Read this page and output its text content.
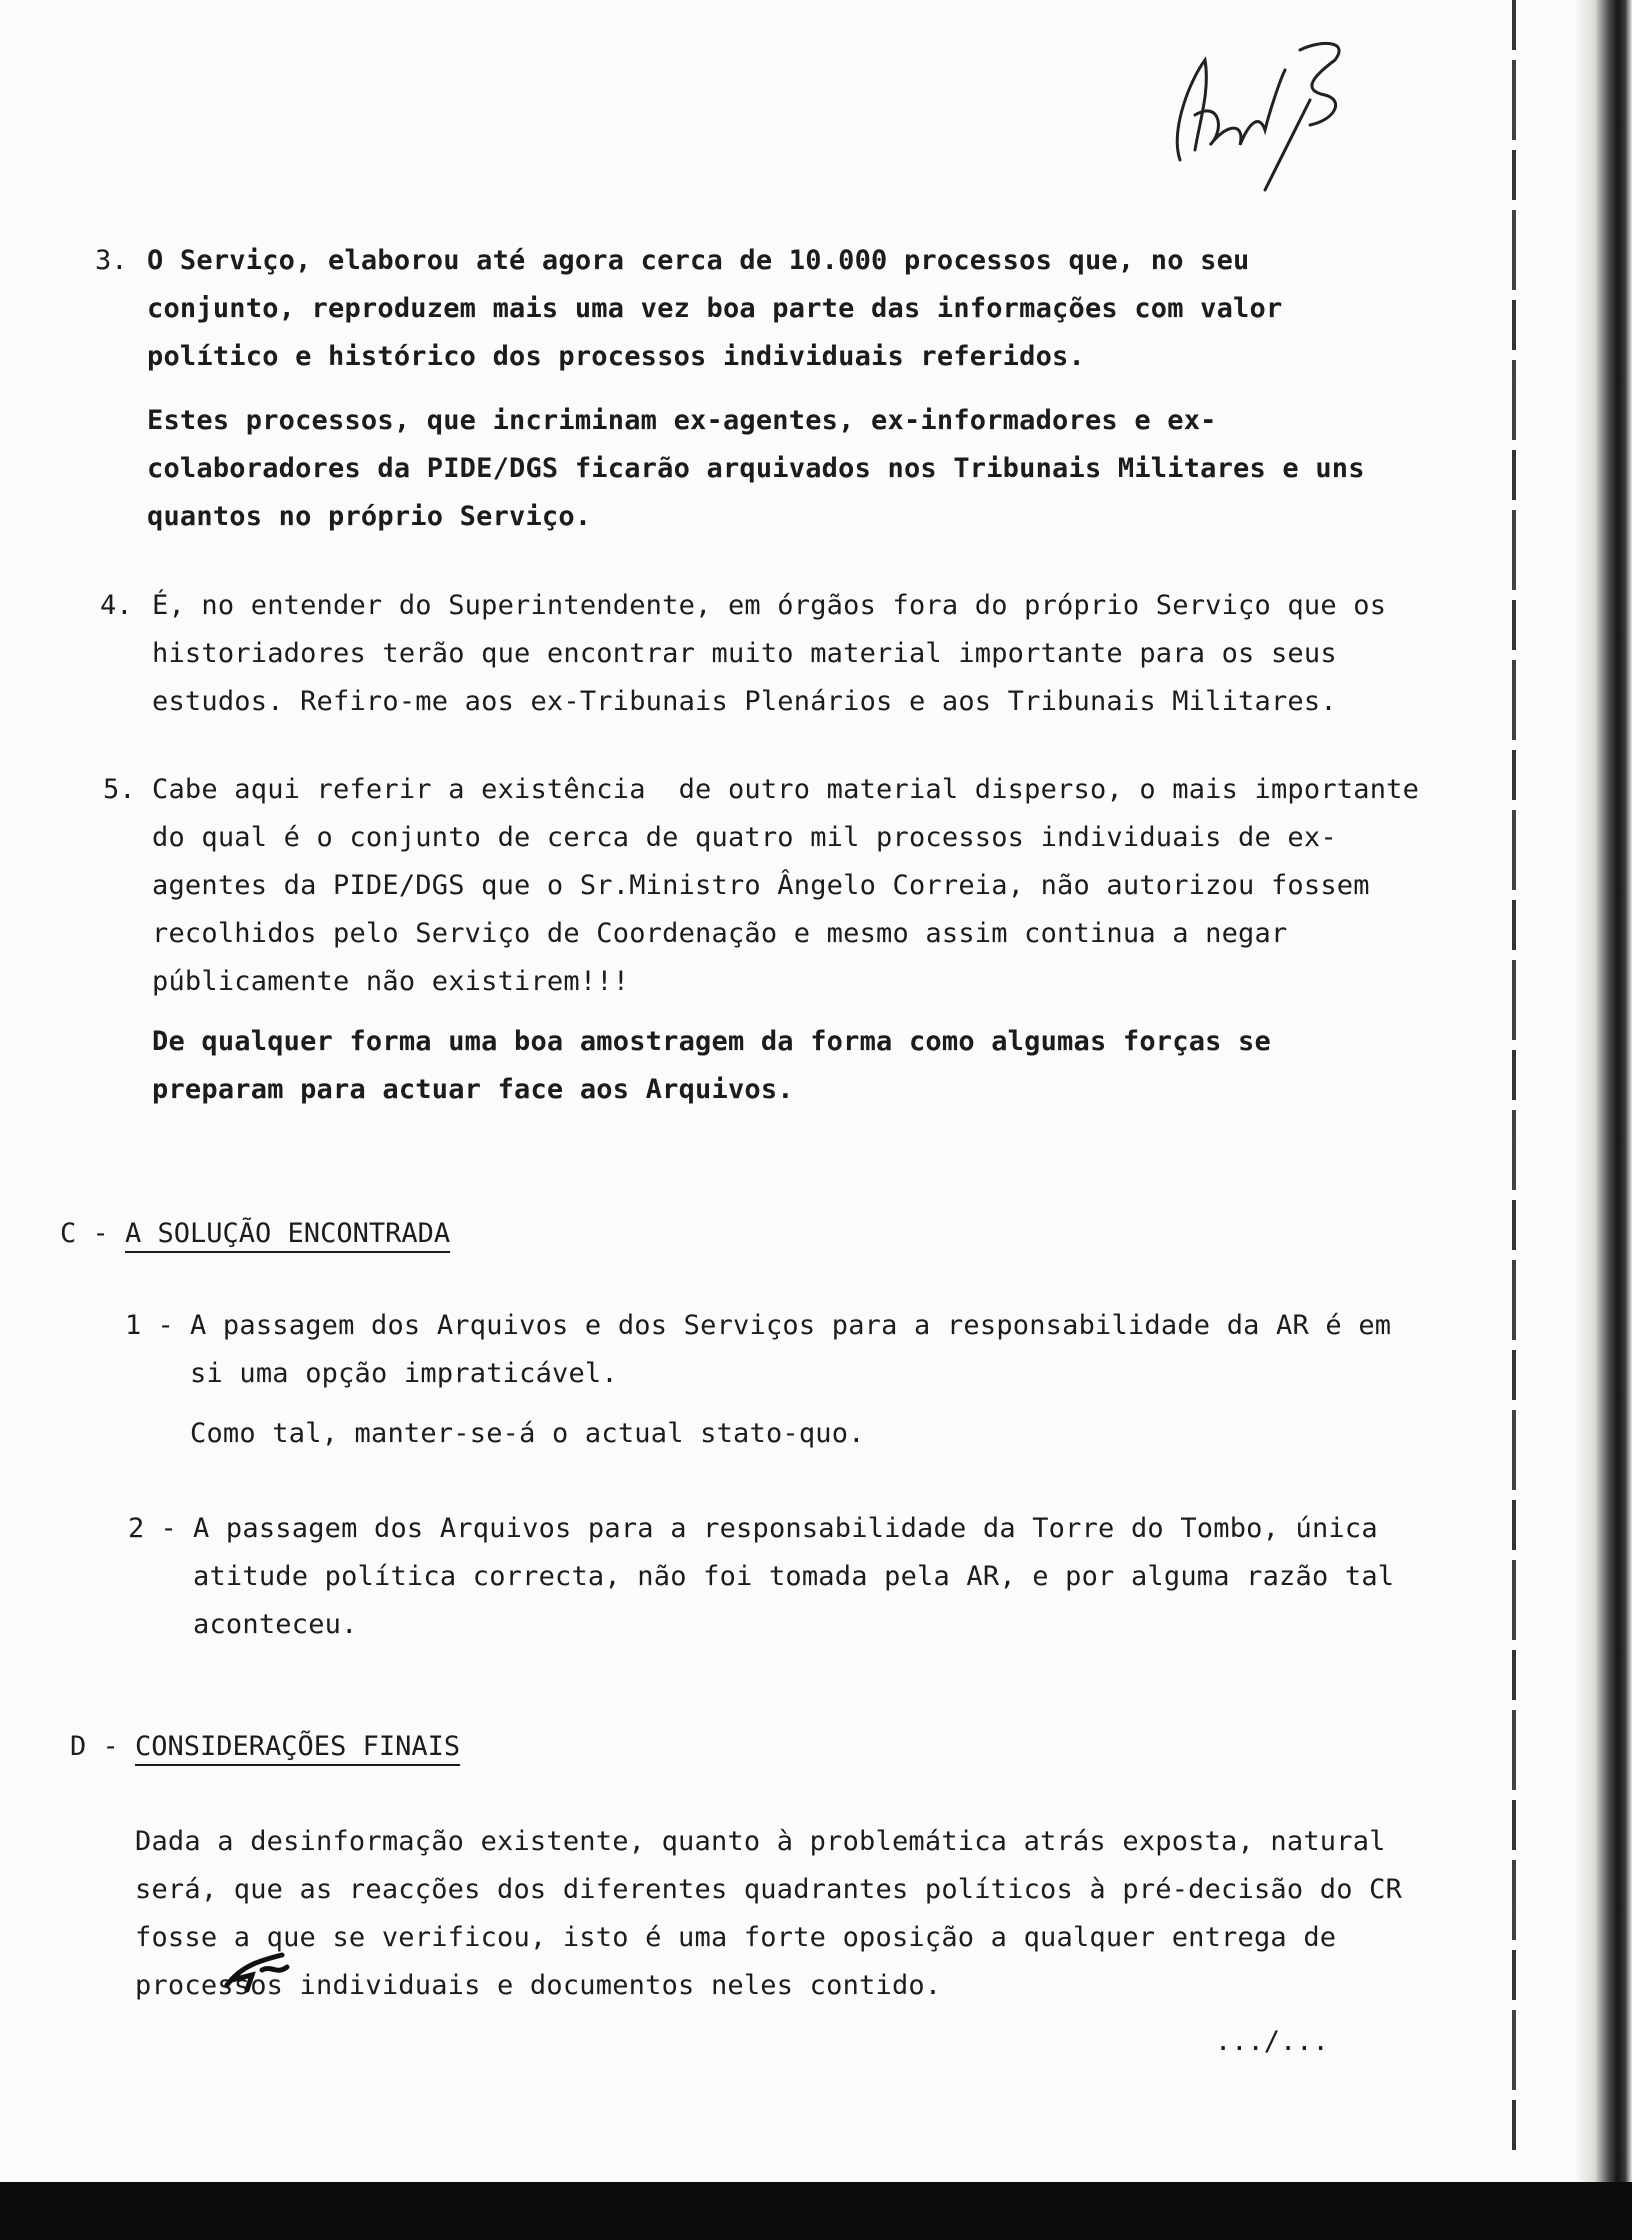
3. O Serviço, elaborou até agora cerca de 10.000 processos que, no seu conjunto, reproduzem mais uma vez boa parte das informações com valor político e histórico dos processos individuais referidos.

Estes processos, que incriminam ex-agentes, ex-informadores e ex-colaboradores da PIDE/DGS ficarão arquivados nos Tribunais Militares e uns quantos no próprio Serviço.

4. É, no entender do Superintendente, em órgãos fora do próprio Serviço que os historiadores terão que encontrar muito material importante para os seus estudos. Refiro-me aos ex-Tribunais Plenários e aos Tribunais Militares.

5. Cabe aqui referir a existência  de outro material disperso, o mais importante do qual é o conjunto de cerca de quatro mil processos individuais de ex-agentes da PIDE/DGS que o Sr.Ministro Ângelo Correia, não autorizou fossem recolhidos pelo Serviço de Coordenação e mesmo assim continua a negar públicamente não existirem!!!

De qualquer forma uma boa amostragem da forma como algumas forças se preparam para actuar face aos Arquivos.

C - A SOLUÇÃO ENCONTRADA
1 - A passagem dos Arquivos e dos Serviços para a responsabilidade da AR é em si uma opção impraticável.

Como tal, manter-se-á o actual stato-quo.

2 - A passagem dos Arquivos para a responsabilidade da Torre do Tombo, única atitude política correcta, não foi tomada pela AR, e por alguma razão tal aconteceu.

D - CONSIDERAÇÕES FINAIS

Dada a desinformação existente, quanto à problemática atrás exposta, natural será, que as reacções dos diferentes quadrantes políticos à pré-decisão do CR fosse a que se verificou, isto é uma forte oposição a qualquer entrega de processos individuais e documentos neles contido.

.../...
